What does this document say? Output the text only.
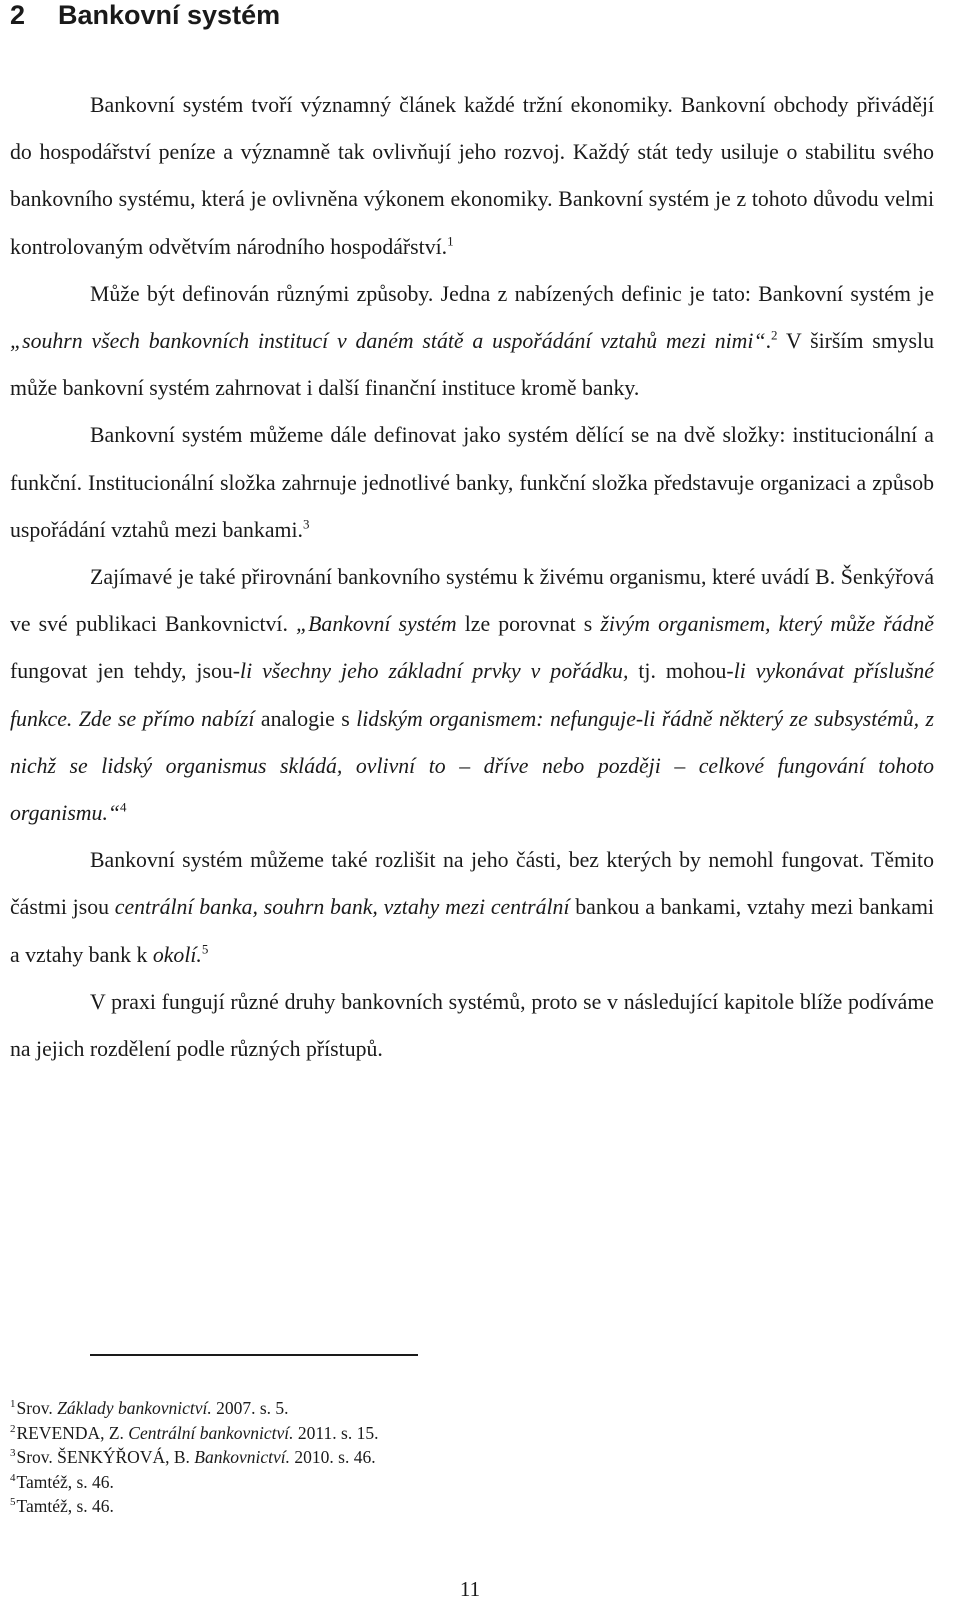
2 Bankovní systém

Bankovní systém tvoří významný článek každé tržní ekonomiky. Bankovní obchody přivádějí do hospodářství peníze a významně tak ovlivňují jeho rozvoj. Každý stát tedy usiluje o stabilitu svého bankovního systému, která je ovlivněna výkonem ekonomiky. Bankovní systém je z tohoto důvodu velmi kontrolovaným odvětvím národního hospodářství.$^1$

Může být definován různými způsoby. Jedna z nabízených definic je tato: Bankovní systém je „souhrn všech bankovních institucí v daném státě a uspořádání vztahů mezi nimi“.$^2$ V širším smyslu může bankovní systém zahrnovat i další finanční instituce kromě banky.

Bankovní systém můžeme dále definovat jako systém dělící se na dvě složky: institucionální a funkční. Institucionální složka zahrnuje jednotlivé banky, funkční složka představuje organizaci a způsob uspořádání vztahů mezi bankami.$^3$

Zajímavé je také přirovnání bankovního systému k živému organismu, které uvádí B. Šenkýřová ve své publikaci Bankovnictví. „Bankovní systém lze porovnat s živým organismem, který může řádně fungovat jen tehdy, jsou-li všechny jeho základní prvky v pořádku, tj. mohou-li vykonávat příslušné funkce. Zde se přímo nabízí analogie s lidským organismem: nefunguje-li řádně některý ze subsystémů, z nichž se lidský organismus skládá, ovlivní to – dříve nebo později – celkové fungování tohoto organismu.“$^4$

Bankovní systém můžeme také rozlišit na jeho části, bez kterých by nemohl fungovat. Těmito částmi jsou centrální banka, souhrn bank, vztahy mezi centrální bankou a bankami, vztahy mezi bankami a vztahy bank k okolí.$^5$

V praxi fungují různé druhy bankovních systémů, proto se v následující kapitole blíže podíváme na jejich rozdělení podle různých přístupů.

$^1$Srov. Základy bankovnictví. 2007. s. 5.
$^2$REVENDA, Z. Centrální bankovnictví. 2011. s. 15.
$^3$Srov. ŠENKÝŘOVÁ, B. Bankovnictví. 2010. s. 46.
$^4$Tamtéž, s. 46.
$^5$Tamtéž, s. 46.
11
